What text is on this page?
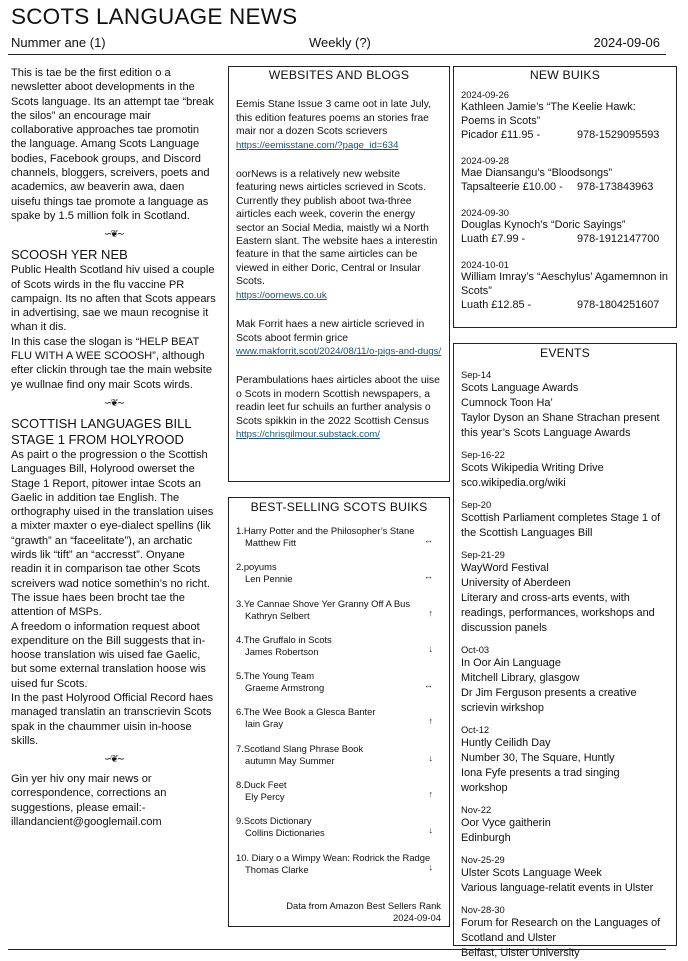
SCOTS LANGUAGE NEWS
Nummer ane (1)	Weekly (?)	2024-09-06

This is tae be the first edition o a newsletter aboot developments in the Scots language. Its an attempt tae “break the silos” an encourage mair collaborative approaches tae promotin the language. Amang Scots Language bodies, Facebook groups, and Discord channels, bloggers, screivers, poets and academics, aw beaverin awa, daen uisefu things tae promote a language as spake by 1.5 million folk in Scotland.

∽❦∼
SCOOSH YER NEB

Public Health Scotland hiv uised a couple of Scots wirds in the flu vaccine PR campaign. Its no aften that Scots appears in advertising, sae we maun recognise it whan it dis.

In this case the slogan is “HELP BEAT FLU WITH A WEE SCOOSH”, although efter clickin through tae the main website ye wullnae find ony mair Scots wirds.

∽❦∼
SCOTTISH LANGUAGES BILL STAGE 1 FROM HOLYROOD

As pairt o the progression o the Scottish Languages Bill, Holyrood owerset the Stage 1 Report, pitower intae Scots an Gaelic in addition tae English. The orthography uised in the translation uises a mixter maxter o eye-dialect spellins (lik “grawth” an “faceelitate”), an archatic wirds lik “tift” an “accresst”. Onyane readin it in comparison tae other Scots screivers wad notice somethin’s no richt. The issue haes been brocht tae the attention of MSPs.

A freedom o information request aboot expenditure on the Bill suggests that in-hoose translation wis uised fae Gaelic, but some external translation hoose wis uised fur Scots.

In the past Holyrood Official Record haes managed translatin an transcrievin Scots spak in the chaummer uisin in-hoose skills.

∽❦∼

Gin yer hiv ony mair news or correspondence, corrections an suggestions, please email:- illandancient@googlemail.com

WEBSITES AND BLOGS
Eemis Stane Issue 3 came oot in late July, this edition features poems an stories frae mair nor a dozen Scots scrievers
https://eemisstane.com/?page_id=634
oorNews is a relatively new website featuring news airticles scrieved in Scots. Currently they publish aboot twa-three airticles each week, coverin the energy sector an Social Media, maistly wi a North Eastern slant. The website haes a interestin feature in that the same airticles can be viewed in either Doric, Central or Insular Scots.
https://oornews.co.uk
Mak Forrit haes a new airticle scrieved in Scots aboot fermin grice
www.makforrit.scot/2024/08/11/o-pigs-and-dugs/
Perambulations haes airticles aboot the uise o Scots in modern Scottish newspapers, a readin leet fur schuils an further analysis o Scots spikkin in the 2022 Scottish Census
https://chrisgilmour.substack.com/
BEST-SELLING SCOTS BUIKS
1.Harry Potter and the Philosopher’s Stane
Matthew Fitt	↔
2.poyums
Len Pennie	↔
3.Ye Cannae Shove Yer Granny Off A Bus
Kathryn Selbert	↑
4.The Gruffalo in Scots
James Robertson	↓
5.The Young Team
Graeme Armstrong	↔
6.The Wee Book a Glesca Banter
Iain Gray	↑
7.Scotland Slang Phrase Book
autumn May Summer	↓
8.Duck Feet
Ely Percy	↑
9.Scots Dictionary
Collins Dictionaries	↓
10. Diary o a Wimpy Wean: Rodrick the Radge
Thomas Clarke	↓
Data from Amazon Best Sellers Rank
2024-09-04
NEW BUIKS
2024-09-26
Kathleen Jamie’s “The Keelie Hawk: Poems in Scots”
Picador £11.95 -	978-1529095593
2024-09-28
Mae Diansangu’s “Bloodsongs”
Tapsalteerie £10.00 - 978-173843963
2024-09-30
Douglas Kynoch’s “Doric Sayings”
Luath £7.99 -	978-1912147700
2024-10-01
William Imray’s “Aeschylus’ Agamemnon in Scots”
Luath £12.85 -	978-1804251607
EVENTS
Sep-14
Scots Language Awards
Cumnock Toon Ha’
Taylor Dyson an Shane Strachan present this year’s Scots Language Awards
Sep-16-22
Scots Wikipedia Writing Drive
sco.wikipedia.org/wiki
Sep-20
Scottish Parliament completes Stage 1 of the Scottish Languages Bill
Sep-21-29
WayWord Festival
University of Aberdeen
Literary and cross-arts events, with readings, performances, workshops and discussion panels
Oct-03
In Oor Ain Language
Mitchell Library, glasgow
Dr Jim Ferguson presents a creative scrievin wirkshop
Oct-12
Huntly Ceilidh Day
Number 30, The Square, Huntly
Iona Fyfe presents a trad singing workshop
Nov-22
Oor Vyce gaitherin
Edinburgh
Nov-25-29
Ulster Scots Language Week
Various language-relatit events in Ulster
Nov-28-30
Forum for Research on the Languages of Scotland and Ulster
Belfast, Ulster University
